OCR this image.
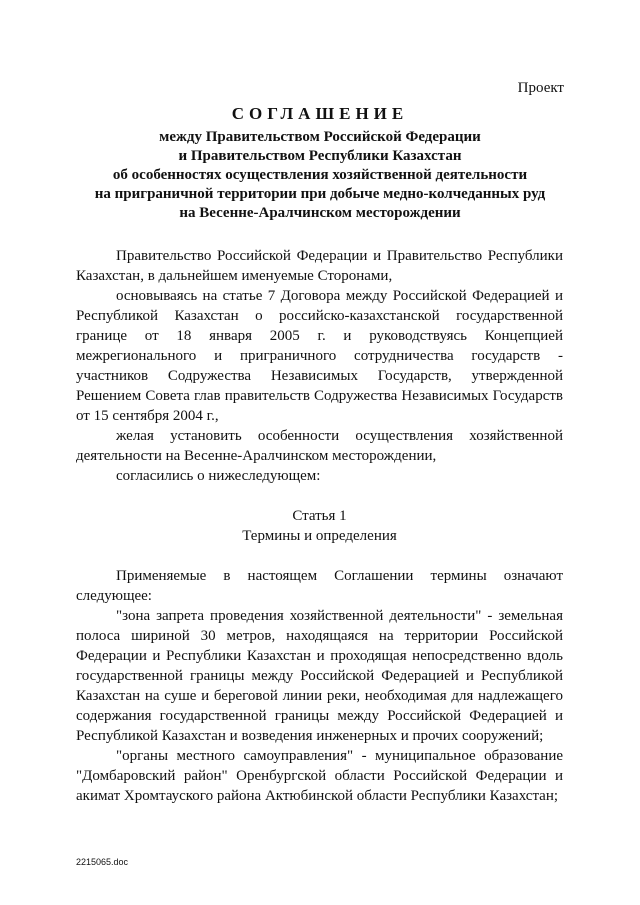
Проект
СОГЛАШЕНИЕ
между Правительством Российской Федерации
и Правительством Республики Казахстан
об особенностях осуществления хозяйственной деятельности
на приграничной территории при добыче медно-колчеданных руд
на Весенне-Аралчинском месторождении

Правительство Российской Федерации и Правительство Республики Казахстан, в дальнейшем именуемые Сторонами,

основываясь на статье 7 Договора между Российской Федерацией и Республикой Казахстан о российско-казахстанской государственной границе от 18 января 2005 г. и руководствуясь Концепцией межрегионального и приграничного сотрудничества государств - участников Содружества Независимых Государств, утвержденной Решением Совета глав правительств Содружества Независимых Государств от 15 сентября 2004 г.,

желая установить особенности осуществления хозяйственной деятельности на Весенне-Аралчинском месторождении,

согласились о нижеследующем:

Статья 1

Термины и определения

Применяемые в настоящем Соглашении термины означают следующее:

"зона запрета проведения хозяйственной деятельности" - земельная полоса шириной 30 метров, находящаяся на территории Российской Федерации и Республики Казахстан и проходящая непосредственно вдоль государственной границы между Российской Федерацией и Республикой Казахстан на суше и береговой линии реки, необходимая для надлежащего содержания государственной границы между Российской Федерацией и Республикой Казахстан и возведения инженерных и прочих сооружений;

"органы местного самоуправления" - муниципальное образование "Домбаровский район" Оренбургской области Российской Федерации и акимат Хромтауского района Актюбинской области Республики Казахстан;

2215065.doc
